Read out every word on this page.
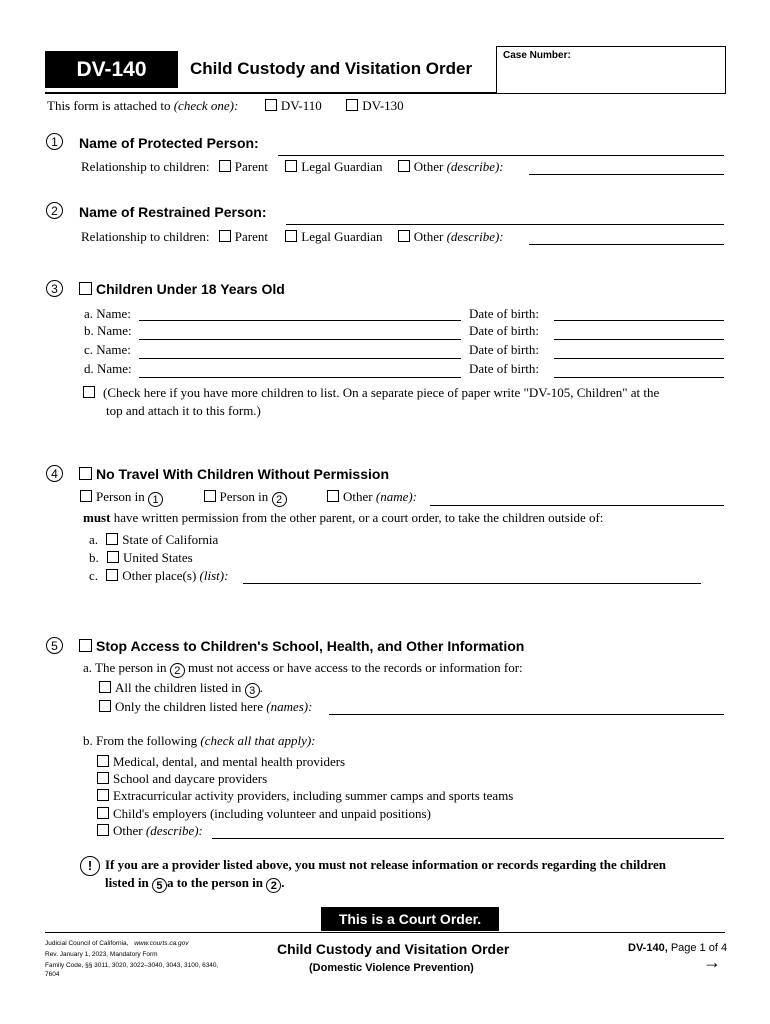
DV-140	Child Custody and Visitation Order
Case Number:
This form is attached to (check one):	DV-110	DV-130
1	Name of Protected Person:
Relationship to children: Parent	Legal Guardian Other (describe):
2	Name of Restrained Person:
Relationship to children: Parent	Legal Guardian Other (describe):
3	Children Under 18 Years Old
a. Name:	Date of birth:
b. Name:	Date of birth:
c. Name:	Date of birth:
d. Name:	Date of birth:
(Check here if you have more children to list. On a separate piece of paper write "DV-105, Children" at the
top and attach it to this form.)
4	No Travel With Children Without Permission
Person in 1	Person in 2	Other (name):
must have written permission from the other parent, or a court order, to take the children outside of:
a. State of California
b. United States
c. Other place(s) (list):
5	Stop Access to Children's School, Health, and Other Information
a. The person in 2 must not access or have access to the records or information for:
All the children listed in 3 .
Only the children listed here (names):
b. From the following (check all that apply):
Medical, dental, and mental health providers
School and daycare providers
Extracurricular activity providers, including summer camps and sports teams
Child's employers (including volunteer and unpaid positions)
Other (describe):
! If you are a provider listed above, you must not release information or records regarding the children
listed in 5 a to the person in 2 .
This is a Court Order.
Judicial Council of California, www.courts.ca.gov
Rev. January 1, 2023, Mandatory Form
Family Code, §§ 3011, 3020, 3022–3040, 3043, 3100, 6340,
7604
Child Custody and Visitation Order
(Domestic Violence Prevention)
DV-140, Page 1 of 4
→
